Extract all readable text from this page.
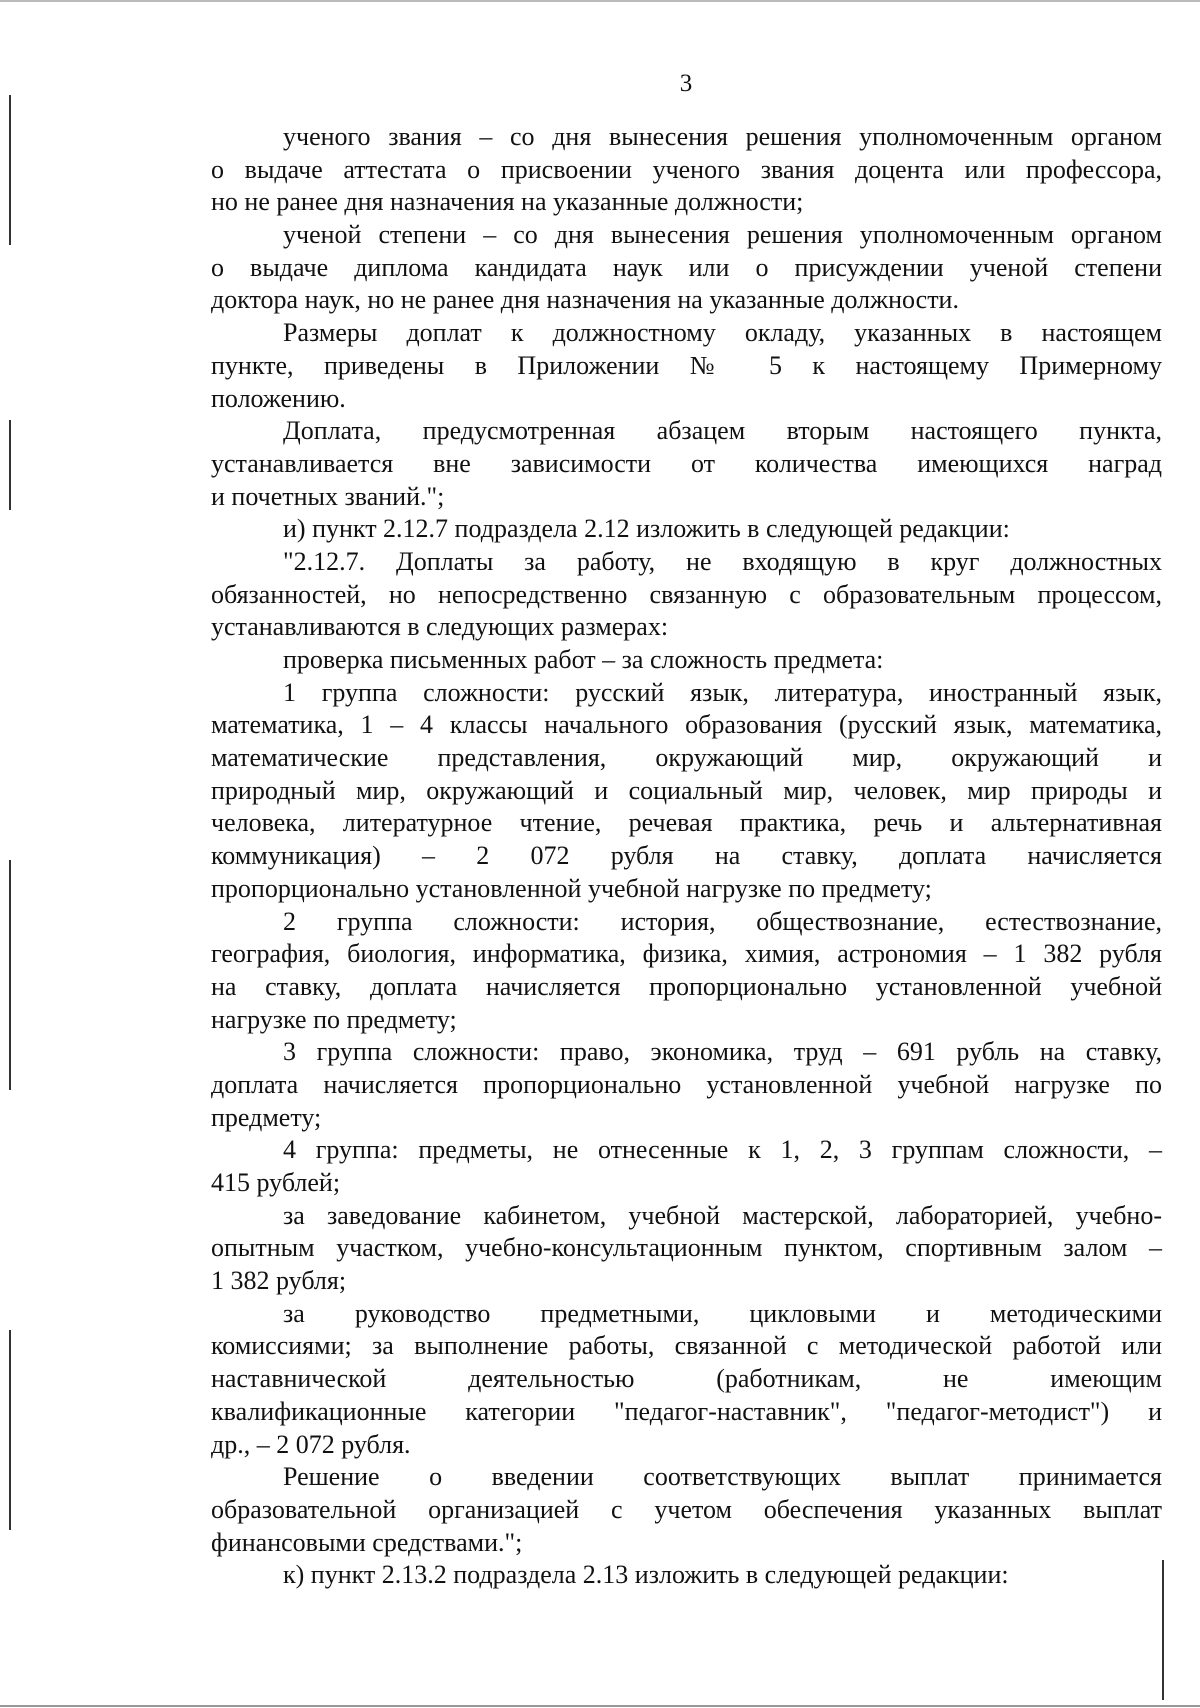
3
ученого звания – со дня вынесения решения уполномоченным органом
о выдаче аттестата о присвоении ученого звания доцента или профессора,
но не ранее дня назначения на указанные должности;
ученой степени – со дня вынесения решения уполномоченным органом
о выдаче диплома кандидата наук или о присуждении ученой степени
доктора наук, но не ранее дня назначения на указанные должности.
Размеры доплат к должностному окладу, указанных в настоящем
пункте, приведены в Приложении № 5 к настоящему Примерному
положению.
Доплата, предусмотренная абзацем вторым настоящего пункта,
устанавливается вне зависимости от количества имеющихся наград
и почетных званий.";
и) пункт 2.12.7 подраздела 2.12 изложить в следующей редакции:
"2.12.7. Доплаты за работу, не входящую в круг должностных
обязанностей, но непосредственно связанную с образовательным процессом,
устанавливаются в следующих размерах:
проверка письменных работ – за сложность предмета:
1 группа сложности: русский язык, литература, иностранный язык,
математика, 1 – 4 классы начального образования (русский язык, математика,
математические представления, окружающий мир, окружающий и
природный мир, окружающий и социальный мир, человек, мир природы и
человека, литературное чтение, речевая практика, речь и альтернативная
коммуникация) – 2 072 рубля на ставку, доплата начисляется
пропорционально установленной учебной нагрузке по предмету;
2 группа сложности: история, обществознание, естествознание,
география, биология, информатика, физика, химия, астрономия – 1 382 рубля
на ставку, доплата начисляется пропорционально установленной учебной
нагрузке по предмету;
3 группа сложности: право, экономика, труд – 691 рубль на ставку,
доплата начисляется пропорционально установленной учебной нагрузке по
предмету;
4 группа: предметы, не отнесенные к 1, 2, 3 группам сложности, –
415 рублей;
за заведование кабинетом, учебной мастерской, лабораторией, учебно-
опытным участком, учебно-консультационным пунктом, спортивным залом –
1 382 рубля;
за руководство предметными, цикловыми и методическими
комиссиями; за выполнение работы, связанной с методической работой или
наставнической деятельностью (работникам, не имеющим
квалификационные категории "педагог-наставник", "педагог-методист") и
др., – 2 072 рубля.
Решение о введении соответствующих выплат принимается
образовательной организацией с учетом обеспечения указанных выплат
финансовыми средствами.";
к) пункт 2.13.2 подраздела 2.13 изложить в следующей редакции:
